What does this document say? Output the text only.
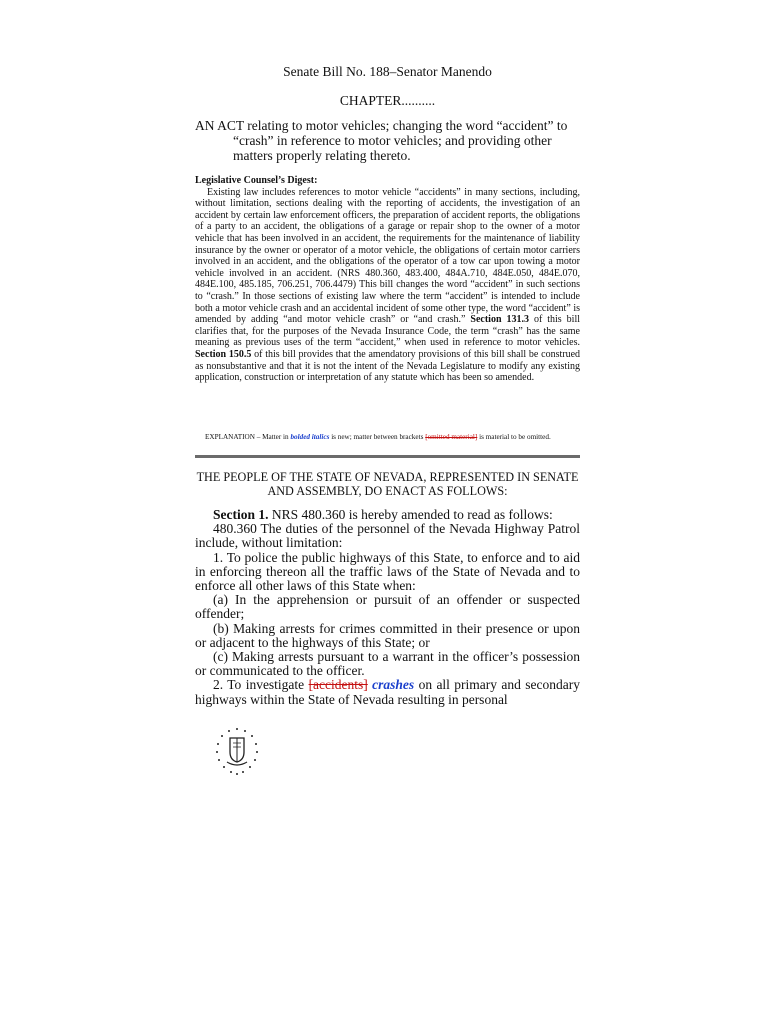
Senate Bill No. 188–Senator Manendo
CHAPTER..........
AN ACT relating to motor vehicles; changing the word “accident” to “crash” in reference to motor vehicles; and providing other matters properly relating thereto.
Legislative Counsel’s Digest:
Existing law includes references to motor vehicle “accidents” in many sections, including, without limitation, sections dealing with the reporting of accidents, the investigation of an accident by certain law enforcement officers, the preparation of accident reports, the obligations of a party to an accident, the obligations of a garage or repair shop to the owner of a motor vehicle that has been involved in an accident, the requirements for the maintenance of liability insurance by the owner or operator of a motor vehicle, the obligations of certain motor carriers involved in an accident, and the obligations of the operator of a tow car upon towing a motor vehicle involved in an accident. (NRS 480.360, 483.400, 484A.710, 484E.050, 484E.070, 484E.100, 485.185, 706.251, 706.4479) This bill changes the word “accident” in such sections to “crash.” In those sections of existing law where the term “accident” is intended to include both a motor vehicle crash and an accidental incident of some other type, the word “accident” is amended by adding “and motor vehicle crash” or “and crash.” Section 131.3 of this bill clarifies that, for the purposes of the Nevada Insurance Code, the term “crash” has the same meaning as previous uses of the term “accident,” when used in reference to motor vehicles. Section 150.5 of this bill provides that the amendatory provisions of this bill shall be construed as nonsubstantive and that it is not the intent of the Nevada Legislature to modify any existing application, construction or interpretation of any statute which has been so amended.
EXPLANATION – Matter in bolded italics is new; matter between brackets [omitted material] is material to be omitted.
THE PEOPLE OF THE STATE OF NEVADA, REPRESENTED IN SENATE AND ASSEMBLY, DO ENACT AS FOLLOWS:

Section 1. NRS 480.360 is hereby amended to read as follows:

480.360 The duties of the personnel of the Nevada Highway Patrol include, without limitation:

1. To police the public highways of this State, to enforce and to aid in enforcing thereon all the traffic laws of the State of Nevada and to enforce all other laws of this State when:

(a) In the apprehension or pursuit of an offender or suspected offender;

(b) Making arrests for crimes committed in their presence or upon or adjacent to the highways of this State; or

(c) Making arrests pursuant to a warrant in the officer’s possession or communicated to the officer.

2. To investigate [accidents] crashes on all primary and secondary highways within the State of Nevada resulting in personal
